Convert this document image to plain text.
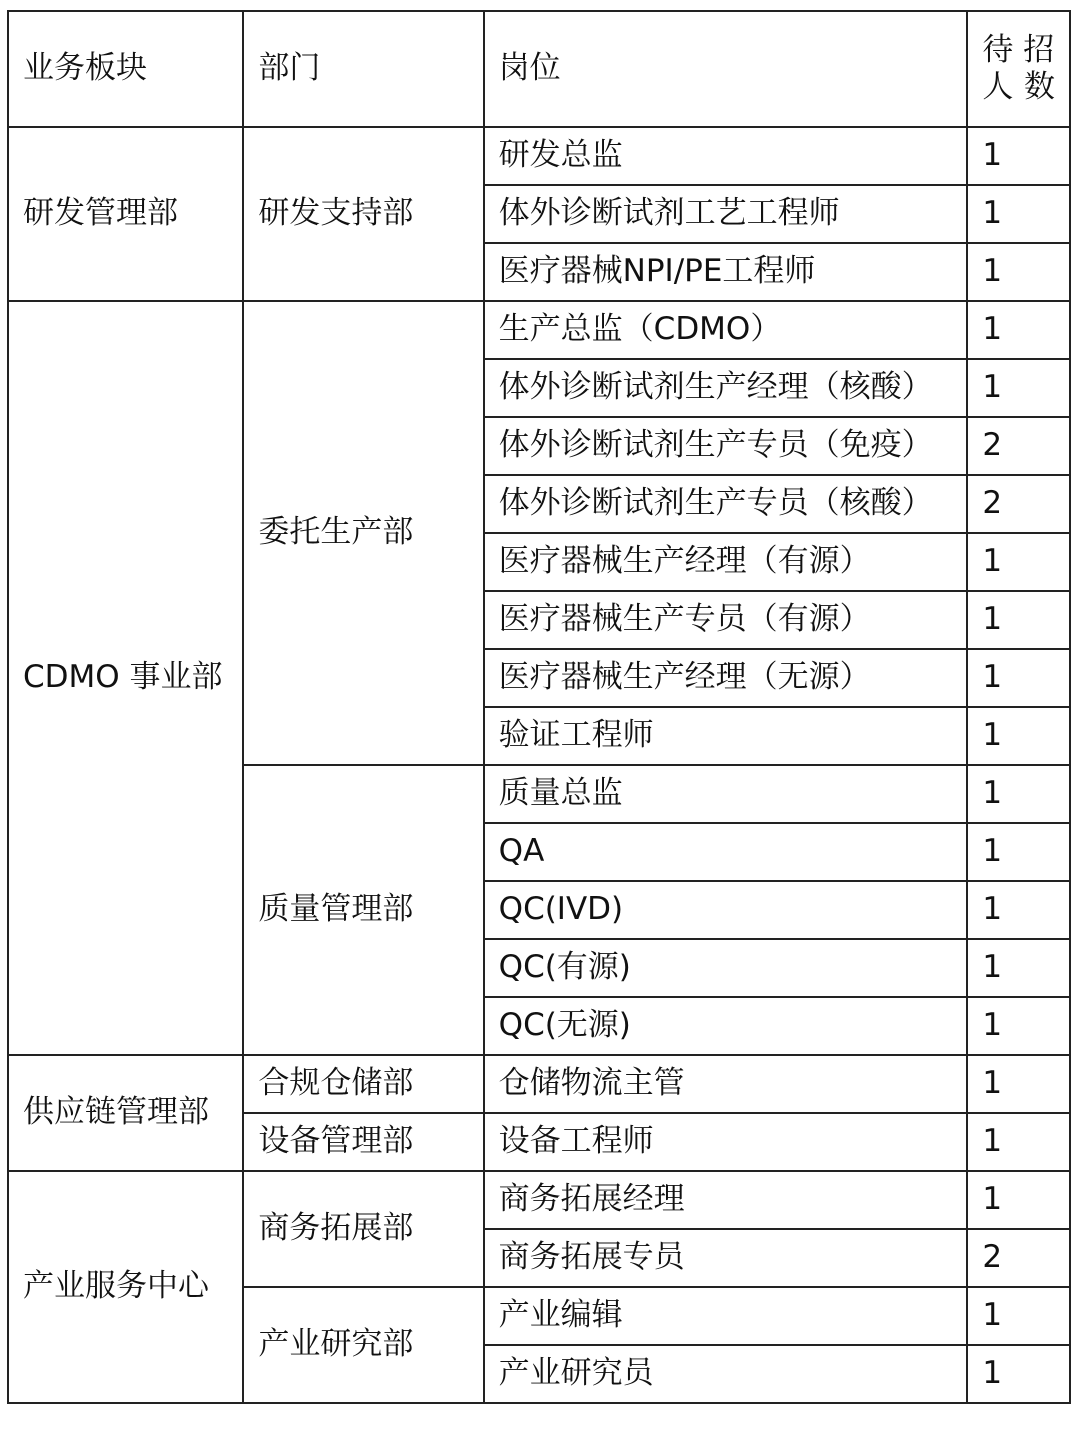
业务板块	部门	岗位	待 招 人 数
研发管理部	研发支持部	研发总监	1
		体外诊断试剂工艺工程师	1
		医疗器械NPI/PE工程师	1
CDMO 事业部	委托生产部	生产总监（CDMO）	1
		体外诊断试剂生产经理（核酸）	1
		体外诊断试剂生产专员（免疫）	2
		体外诊断试剂生产专员（核酸）	2
		医疗器械生产经理（有源）	1
		医疗器械生产专员（有源）	1
		医疗器械生产经理（无源）	1
		验证工程师	1
	质量管理部	质量总监	1
		QA	1
		QC(IVD)	1
		QC(有源)	1
		QC(无源)	1
供应链管理部	合规仓储部	仓储物流主管	1
	设备管理部	设备工程师	1
产业服务中心	商务拓展部	商务拓展经理	1
		商务拓展专员	2
	产业研究部	产业编辑	1
		产业研究员	1
